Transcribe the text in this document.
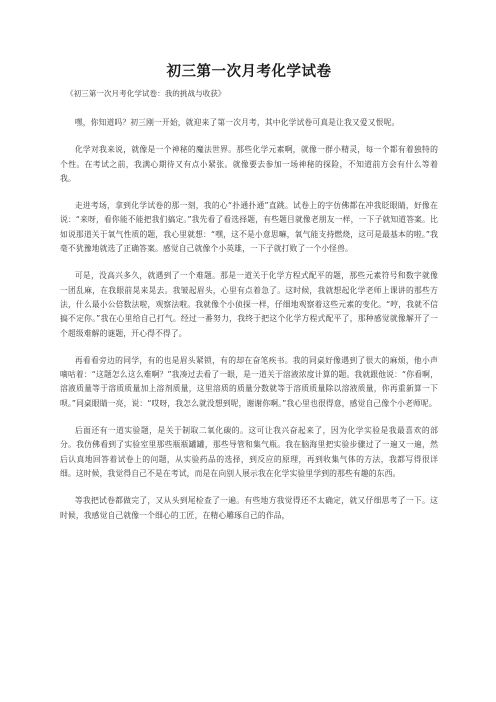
初三第一次月考化学试卷
《初三第一次月考化学试卷：我的挑战与收获》

嘿，你知道吗？初三刚一开始，就迎来了第一次月考，其中化学试卷可真是让我又爱又恨呢。

化学对我来说，就像是一个神秘的魔法世界。那些化学元素啊，就像一群小精灵，每一个都有着独特的个性。在考试之前，我满心期待又有点小紧张。就像要去参加一场神秘的探险，不知道前方会有什么等着我。

走进考场，拿到化学试卷的那一刻，我的心“扑通扑通”直跳。试卷上的字仿佛都在冲我眨眼睛，好像在说：“来呀，看你能不能把我们搞定。”我先看了看选择题，有些题目就像老朋友一样，一下子就知道答案。比如说那道关于氧气性质的题，我心里就想：“嘿，这不是小意思嘛，氧气能支持燃烧，这可是最基本的啦。”我毫不犹豫地就选了正确答案。感觉自己就像个小英雄，一下子就打败了一个小怪兽。

可是，没高兴多久，就遇到了一个难题。那是一道关于化学方程式配平的题，那些元素符号和数字就像一团乱麻，在我眼前晃来晃去。我皱起眉头，心里有点着急了。这时候，我就想起化学老师上课讲的那些方法，什么最小公倍数法啦，观察法啦。我就像个小侦探一样，仔细地观察着这些元素的变化。“哼，我就不信搞不定你。”我在心里给自己打气。经过一番努力，我终于把这个化学方程式配平了，那种感觉就像解开了一个超级难解的谜题，开心得不得了。

再看看旁边的同学，有的也是眉头紧锁，有的却在奋笔疾书。我的同桌好像遇到了很大的麻烦，他小声嘀咕着：“这题怎么这么难啊？”我凑过去看了一眼，是一道关于溶液浓度计算的题。我就跟他说：“你看啊，溶液质量等于溶质质量加上溶剂质量，这里溶质的质量分数就等于溶质质量除以溶液质量，你再重新算一下呗。”同桌眼睛一亮，说：“哎呀，我怎么就没想到呢，谢谢你啊。”我心里也很得意，感觉自己像个小老师呢。

后面还有一道实验题，是关于制取二氧化碳的。这可让我兴奋起来了，因为化学实验是我最喜欢的部分。我仿佛看到了实验室里那些瓶瓶罐罐，那些导管和集气瓶。我在脑海里把实验步骤过了一遍又一遍，然后认真地回答着试卷上的问题，从实验药品的选择，到反应的原理，再到收集气体的方法，我都写得很详细。这时候，我觉得自己不是在考试，而是在向别人展示我在化学实验里学到的那些有趣的东西。

等我把试卷都做完了，又从头到尾检查了一遍。有些地方我觉得还不太确定，就又仔细思考了一下。这时候，我感觉自己就像一个细心的工匠，在精心雕琢自己的作品，
